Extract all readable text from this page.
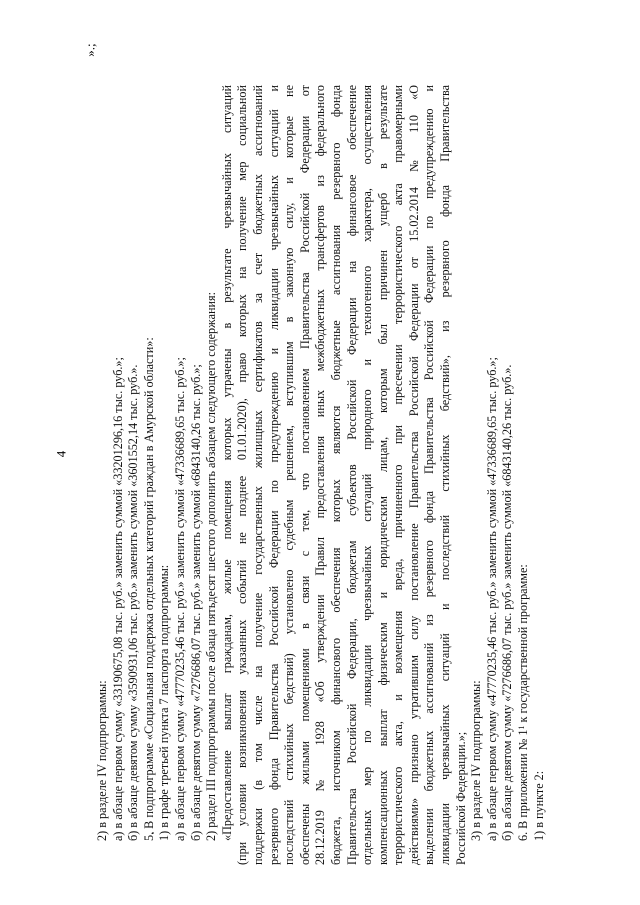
».;
4

2) в разделе IV подпрограммы: а) в абзаце первом сумму «33190675,08 тыс. руб.» заменить суммой «33201296,16 тыс. руб.»; б) в абзаце девятом сумму «3590931,06 тыс. руб.» заменить суммой «3601552,14 тыс. руб.». 5. В подпрограмме «Социальная поддержка отдельных категорий граждан в Амурской области»: 1) в графе третьей пункта 7 паспорта подпрограммы: а) в абзаце первом сумму «47770235,46 тыс. руб.» заменить суммой «47336689,65 тыс. руб.»; б) в абзаце девятом сумму «7276686,07 тыс. руб.» заменить суммой «6843140,26 тыс. руб.»; 2) раздел III подпрограммы после абзаца пятьдесят шестого дополнить абзацем следующего содержания: «Предоставление выплат гражданам, жилые помещения которых утрачены в результате чрезвычайных ситуаций (при условии возникновения указанных событий не позднее 01.01.2020), право которых на получение мер социальной поддержки (в том числе на получение государственных жилищных сертификатов за счет бюджетных ассигнований резервного фонда Правительства Российской Федерации по предупреждению и ликвидации чрезвычайных ситуаций и последствий стихийных бедствий) установлено судебным решением, вступившим в законную силу, и которые не обеспечены жилыми помещениями в связи с тем, что постановлением Правительства Российской Федерации от 28.12.2019 № 1928 «Об утверждении Правил предоставления иных межбюджетных трансфертов из федерального бюджета, источником финансового обеспечения которых являются бюджетные ассигнования резервного фонда Правительства Российской Федерации, бюджетам субъектов Российской Федерации на финансовое обеспечение отдельных мер по ликвидации чрезвычайных ситуаций природного и техногенного характера, осуществления компенсационных выплат физическим и юридическим лицам, которым был причинен ущерб в результате террористического акта, и возмещения вреда, причиненного при пресечении террористического акта правомерными действиями» признано утратившим силу постановление Правительства Российской Федерации от 15.02.2014 № 110 «О выделении бюджетных ассигнований из резервного фонда Правительства Российской Федерации по предупреждению и ликвидации чрезвычайных ситуаций и последствий стихийных бедствий», из резервного фонда Правительства Российской Федерации.»; 3) в разделе IV подпрограммы: а) в абзаце первом сумму «47770235,46 тыс. руб.» заменить суммой «47336689,65 тыс. руб.»; б) в абзаце девятом сумму «7276686,07 тыс. руб.» заменить суммой «6843140,26 тыс. руб.». 6. В приложении № $1^1$ к государственной программе:

1) в пункте 2:
